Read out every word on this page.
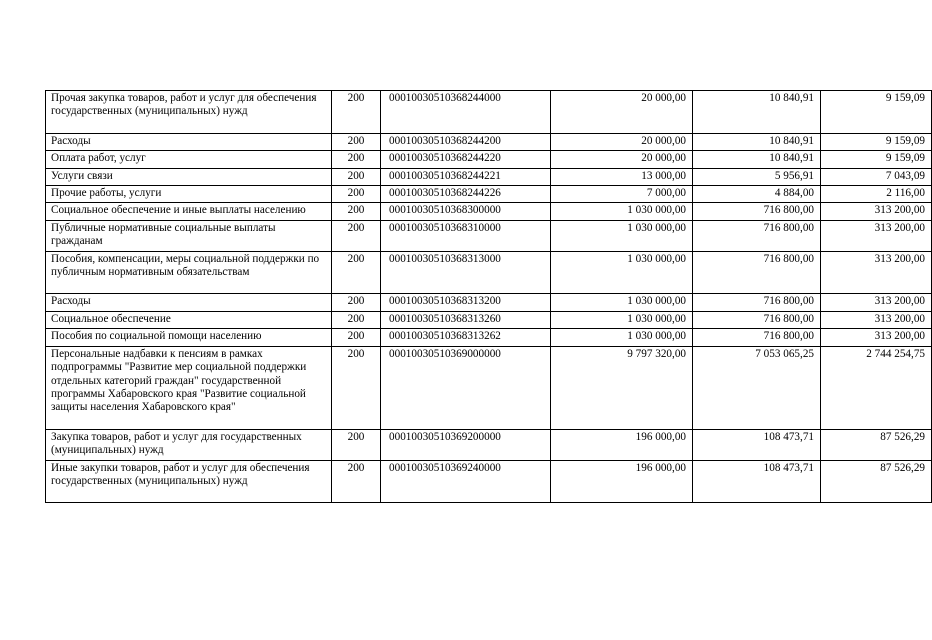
Прочая закупка товаров, работ и услуг для обеспечения государственных (муниципальных) нужд	200	00010030510368244000	20 000,00	10 840,91	9 159,09
Расходы	200	00010030510368244200	20 000,00	10 840,91	9 159,09
Оплата работ, услуг	200	00010030510368244220	20 000,00	10 840,91	9 159,09
Услуги связи	200	00010030510368244221	13 000,00	5 956,91	7 043,09
Прочие работы, услуги	200	00010030510368244226	7 000,00	4 884,00	2 116,00
Социальное обеспечение и иные выплаты населению	200	00010030510368300000	1 030 000,00	716 800,00	313 200,00
Публичные нормативные социальные выплаты гражданам	200	00010030510368310000	1 030 000,00	716 800,00	313 200,00
Пособия, компенсации, меры социальной поддержки по публичным нормативным обязательствам	200	00010030510368313000	1 030 000,00	716 800,00	313 200,00
Расходы	200	00010030510368313200	1 030 000,00	716 800,00	313 200,00
Социальное обеспечение	200	00010030510368313260	1 030 000,00	716 800,00	313 200,00
Пособия по социальной помощи населению	200	00010030510368313262	1 030 000,00	716 800,00	313 200,00
Персональные надбавки к пенсиям в рамках подпрограммы "Развитие мер социальной поддержки отдельных категорий граждан" государственной программы Хабаровского края "Развитие социальной защиты населения Хабаровского края"	200	00010030510369000000	9 797 320,00	7 053 065,25	2 744 254,75
Закупка товаров, работ и услуг для государственных (муниципальных) нужд	200	00010030510369200000	196 000,00	108 473,71	87 526,29
Иные закупки товаров, работ и услуг для обеспечения государственных (муниципальных) нужд	200	00010030510369240000	196 000,00	108 473,71	87 526,29
